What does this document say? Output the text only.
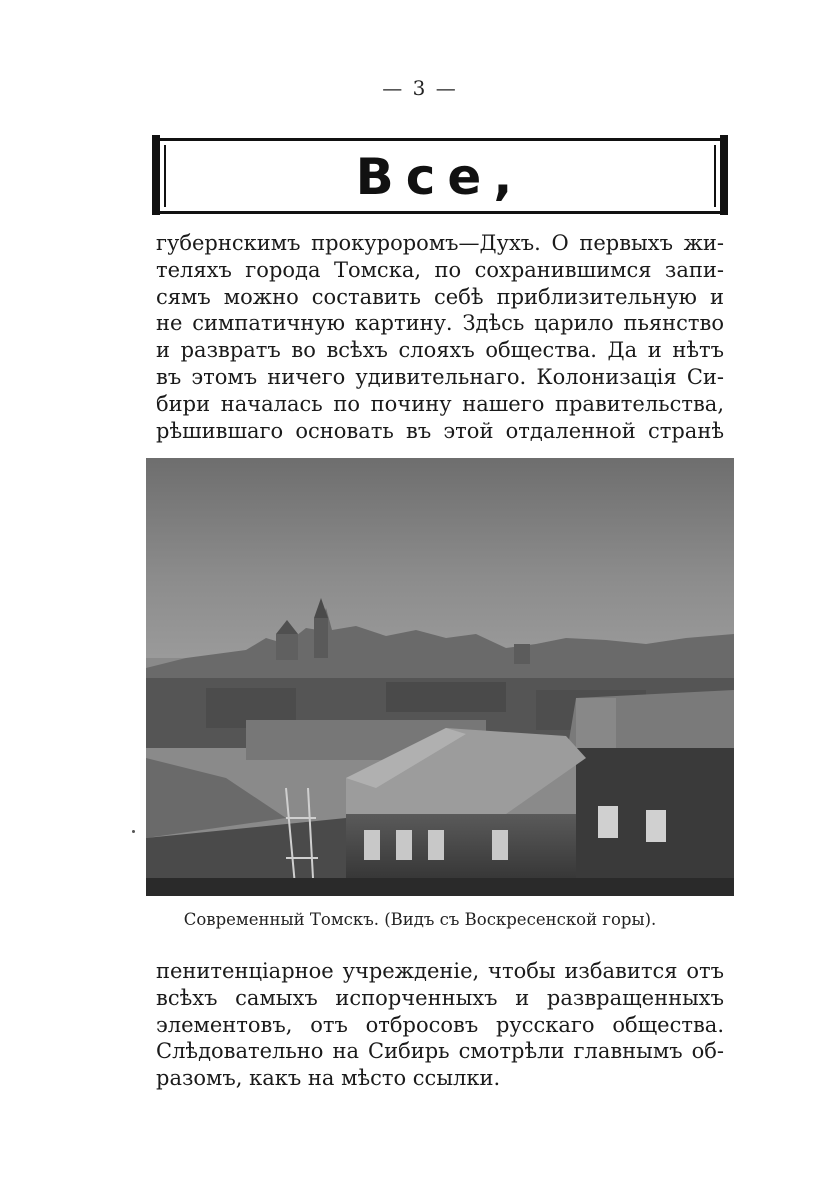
— 3 —
Все,
губернскимъ прокуроромъ—Духъ. О первыхъ жи-
теляхъ города Томска, по сохранившимся запи-
сямъ можно составить себѣ приблизительную и
не симпатичную картину. Здѣсь царило пьянство
и развратъ во всѣхъ слояхъ общества. Да и нѣтъ
въ этомъ ничего удивительнаго. Колонизація Си-
бири началась по почину нашего правительства,
рѣшившаго основать въ этой отдаленной странѣ
Современный Томскъ. (Видъ съ Воскресенской горы).
пенитенціарное учрежденіе, чтобы избавится отъ
всѣхъ самыхъ испорченныхъ и развращенныхъ
элементовъ, отъ отбросовъ русскаго общества.
Слѣдовательно на Сибирь смотрѣли главнымъ об-
разомъ, какъ на мѣсто ссылки.
